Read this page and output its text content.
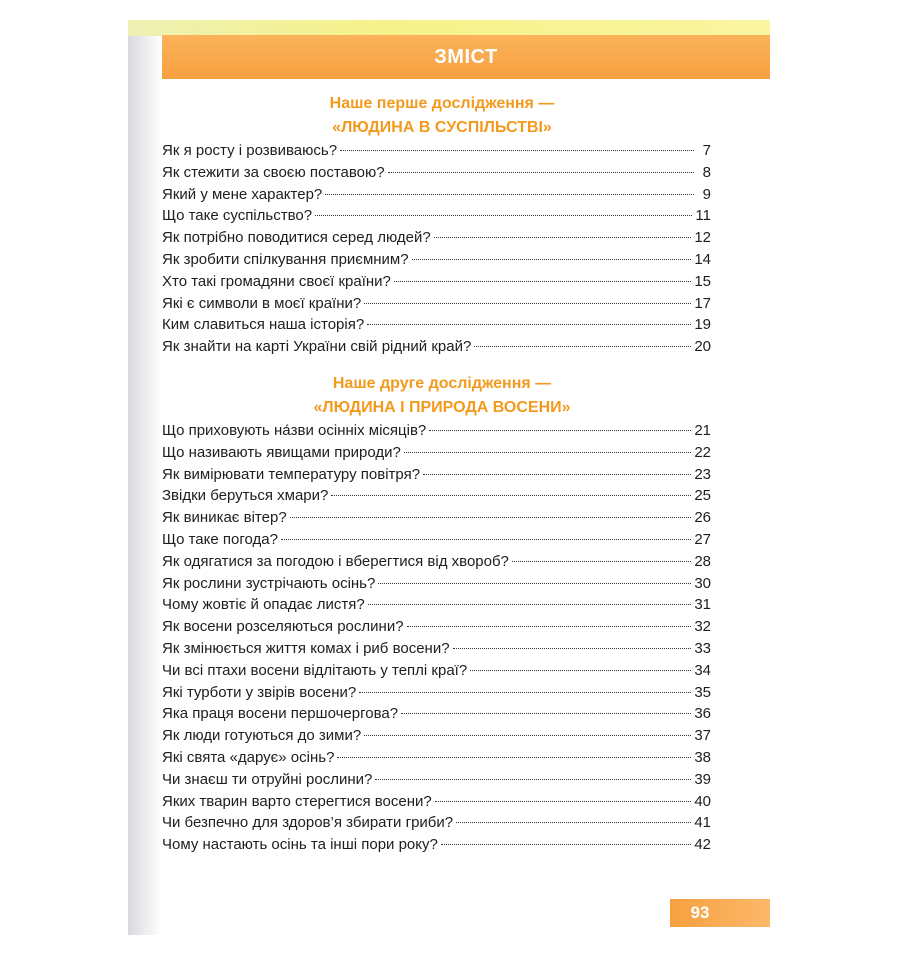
ЗМІСТ
Наше перше дослідження —
«ЛЮДИНА В СУСПІЛЬСТВІ»
Як я росту і розвиваюсь?	7
Як стежити за своєю поставою?	8
Який у мене характер?	9
Що таке суспільство?	11
Як потрібно поводитися серед людей?	12
Як зробити спілкування приємним?	14
Хто такі громадяни своєї країни?	15
Які є символи в моєї країни?	17
Ким славиться наша історія?	19
Як знайти на карті України свій рідний край?	20
Наше друге дослідження —
«ЛЮДИНА І ПРИРОДА ВОСЕНИ»
Що приховують на́зви осінніх місяців?	21
Що називають явищами природи?	22
Як вимірювати температуру повітря?	23
Звідки беруться хмари?	25
Як виникає вітер?	26
Що таке погода?	27
Як одягатися за погодою і вберегтися від хвороб?	28
Як рослини зустрічають осінь?	30
Чому жовтіє й опадає листя?	31
Як восени розселяються рослини?	32
Як змінюється життя комах і риб восени?	33
Чи всі птахи восени відлітають у теплі краї?	34
Які турботи у звірів восени?	35
Яка праця восени першочергова?	36
Як люди готуються до зими?	37
Які свята «дарує» осінь?	38
Чи знаєш ти отруйні рослини?	39
Яких тварин варто стерегтися восени?	40
Чи безпечно для здоров’я збирати гриби?	41
Чому настають осінь та інші пори року?	42
93
